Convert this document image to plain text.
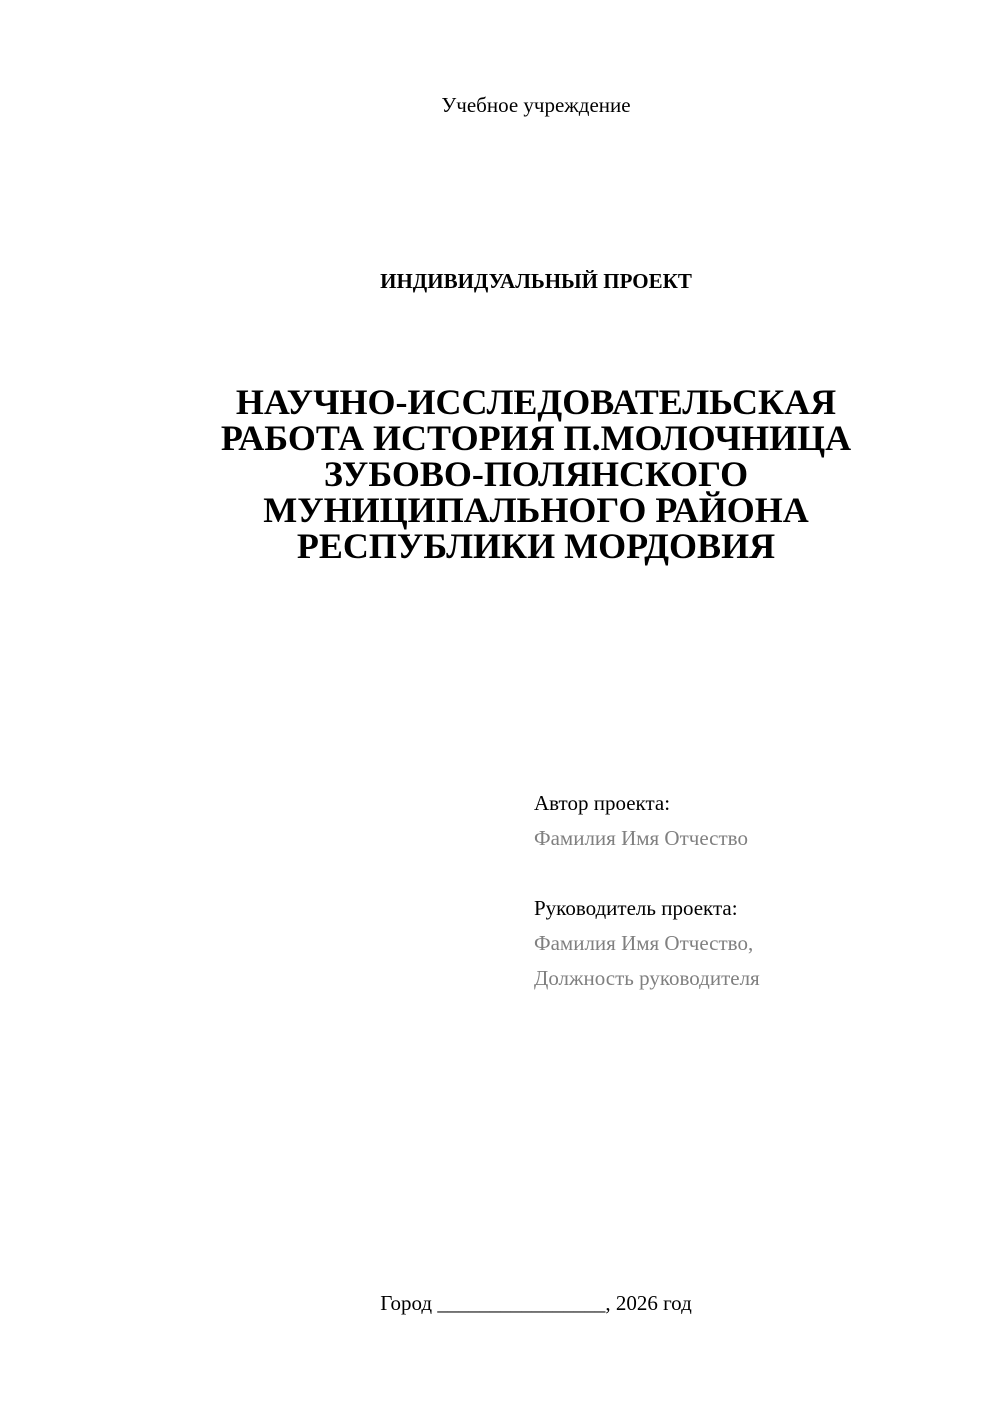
Учебное учреждение
ИНДИВИДУАЛЬНЫЙ ПРОЕКТ
НАУЧНО-ИССЛЕДОВАТЕЛЬСКАЯ
РАБОТА ИСТОРИЯ П.МОЛОЧНИЦА
ЗУБОВО-ПОЛЯНСКОГО
МУНИЦИПАЛЬНОГО РАЙОНА
РЕСПУБЛИКИ МОРДОВИЯ
Автор проекта:
Фамилия Имя Отчество
Руководитель проекта:
Фамилия Имя Отчество,
Должность руководителя
Город ________________, 2026 год
